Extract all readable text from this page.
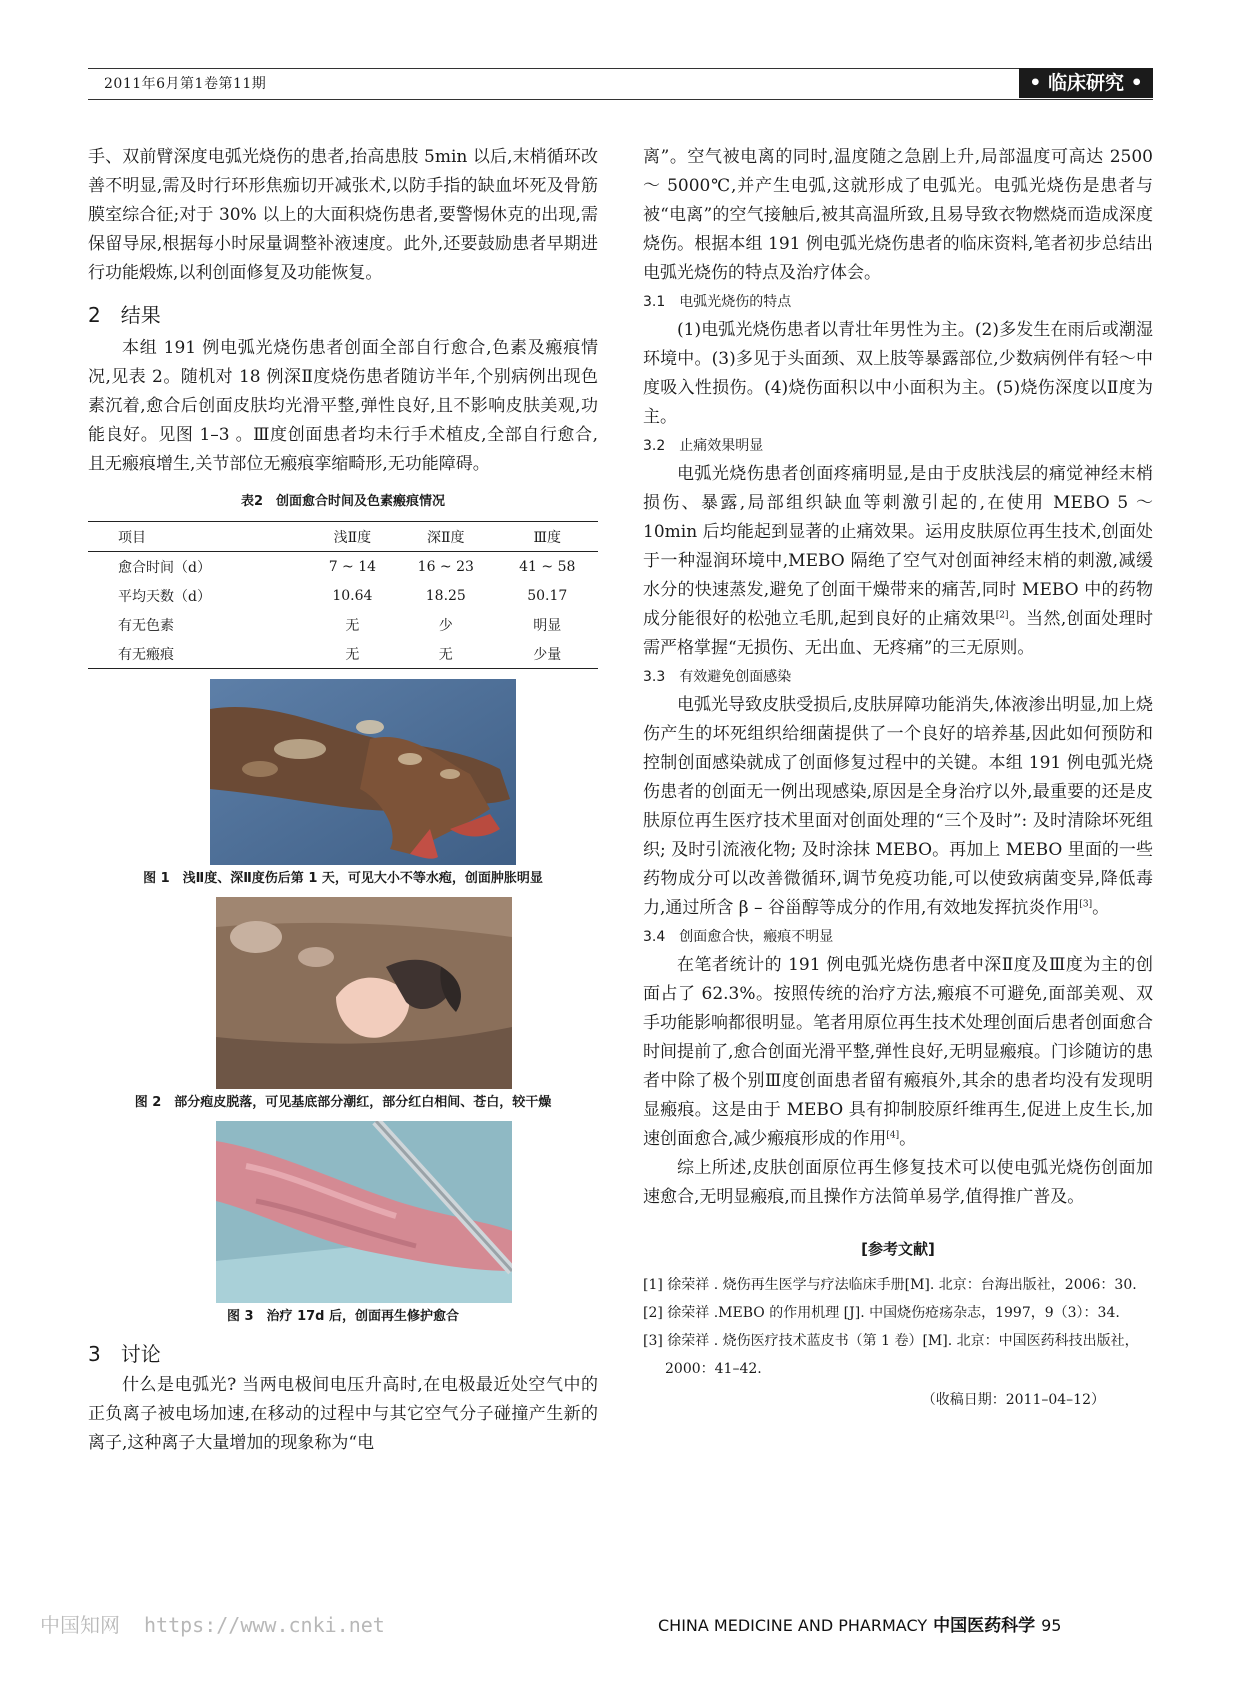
2011年6月第1卷第11期	• 临床研究 •

手、双前臂深度电弧光烧伤的患者,抬高患肢 5min 以后,末梢循环改善不明显,需及时行环形焦痂切开减张术,以防手指的缺血坏死及骨筋膜室综合征;对于 30% 以上的大面积烧伤患者,要警惕休克的出现,需保留导尿,根据每小时尿量调整补液速度。此外,还要鼓励患者早期进行功能煅炼,以利创面修复及功能恢复。

2　结果

本组 191 例电弧光烧伤患者创面全部自行愈合,色素及瘢痕情况,见表 2。随机对 18 例深Ⅱ度烧伤患者随访半年,个别病例出现色素沉着,愈合后创面皮肤均光滑平整,弹性良好,且不影响皮肤美观,功能良好。见图 1–3 。Ⅲ度创面患者均未行手术植皮,全部自行愈合,且无瘢痕增生,关节部位无瘢痕挛缩畸形,无功能障碍。

表2　创面愈合时间及色素瘢痕情况
项目	浅Ⅱ度	深Ⅱ度	Ⅲ度
愈合时间（d）	7 ~ 14	16 ~ 23	41 ~ 58
平均天数（d）	10.64	18.25	50.17
有无色素	无	少	明显
有无瘢痕	无	无	少量
图 1　浅Ⅱ度、深Ⅱ度伤后第 1 天，可见大小不等水疱，创面肿胀明显
图 2　部分疱皮脱落，可见基底部分潮红，部分红白相间、苍白，较干燥
图 3　治疗 17d 后，创面再生修护愈合
3　讨论

什么是电弧光? 当两电极间电压升高时,在电极最近处空气中的正负离子被电场加速,在移动的过程中与其它空气分子碰撞产生新的离子,这种离子大量增加的现象称为“电

离”。空气被电离的同时,温度随之急剧上升,局部温度可高达 2500 ～ 5000℃,并产生电弧,这就形成了电弧光。电弧光烧伤是患者与被“电离”的空气接触后,被其高温所致,且易导致衣物燃烧而造成深度烧伤。根据本组 191 例电弧光烧伤患者的临床资料,笔者初步总结出电弧光烧伤的特点及治疗体会。

3.1　电弧光烧伤的特点

(1)电弧光烧伤患者以青壮年男性为主。(2)多发生在雨后或潮湿环境中。(3)多见于头面颈、双上肢等暴露部位,少数病例伴有轻～中度吸入性损伤。(4)烧伤面积以中小面积为主。(5)烧伤深度以Ⅱ度为主。

3.2　止痛效果明显

电弧光烧伤患者创面疼痛明显,是由于皮肤浅层的痛觉神经末梢损伤、暴露,局部组织缺血等刺激引起的,在使用 MEBO 5 ～ 10min 后均能起到显著的止痛效果。运用皮肤原位再生技术,创面处于一种湿润环境中,MEBO 隔绝了空气对创面神经末梢的刺激,减缓水分的快速蒸发,避免了创面干燥带来的痛苦,同时 MEBO 中的药物成分能很好的松弛立毛肌,起到良好的止痛效果[2]。当然,创面处理时需严格掌握“无损伤、无出血、无疼痛”的三无原则。

3.3　有效避免创面感染

电弧光导致皮肤受损后,皮肤屏障功能消失,体液渗出明显,加上烧伤产生的坏死组织给细菌提供了一个良好的培养基,因此如何预防和控制创面感染就成了创面修复过程中的关键。本组 191 例电弧光烧伤患者的创面无一例出现感染,原因是全身治疗以外,最重要的还是皮肤原位再生医疗技术里面对创面处理的“三个及时”: 及时清除坏死组织; 及时引流液化物; 及时涂抹 MEBO。再加上 MEBO 里面的一些药物成分可以改善微循环,调节免疫功能,可以使致病菌变异,降低毒力,通过所含 β – 谷甾醇等成分的作用,有效地发挥抗炎作用[3]。

3.4　创面愈合快，瘢痕不明显

在笔者统计的 191 例电弧光烧伤患者中深Ⅱ度及Ⅲ度为主的创面占了 62.3%。按照传统的治疗方法,瘢痕不可避免,面部美观、双手功能影响都很明显。笔者用原位再生技术处理创面后患者创面愈合时间提前了,愈合创面光滑平整,弹性良好,无明显瘢痕。门诊随访的患者中除了极个别Ⅲ度创面患者留有瘢痕外,其余的患者均没有发现明显瘢痕。这是由于 MEBO 具有抑制胶原纤维再生,促进上皮生长,加速创面愈合,减少瘢痕形成的作用[4]。

综上所述,皮肤创面原位再生修复技术可以使电弧光烧伤创面加速愈合,无明显瘢痕,而且操作方法简单易学,值得推广普及。

[参考文献]
[1] 徐荣祥 . 烧伤再生医学与疗法临床手册[M]. 北京：台海出版社，2006：30.
[2] 徐荣祥 .MEBO 的作用机理 [J]. 中国烧伤疮疡杂志，1997，9（3）：34.
[3] 徐荣祥 . 烧伤医疗技术蓝皮书（第 1 卷）[M]. 北京：中国医药科技出版社，2000：41–42.
（收稿日期：2011–04–12）
中国知网 https://www.cnki.net	CHINA MEDICINE AND PHARMACY 中国医药科学 95
